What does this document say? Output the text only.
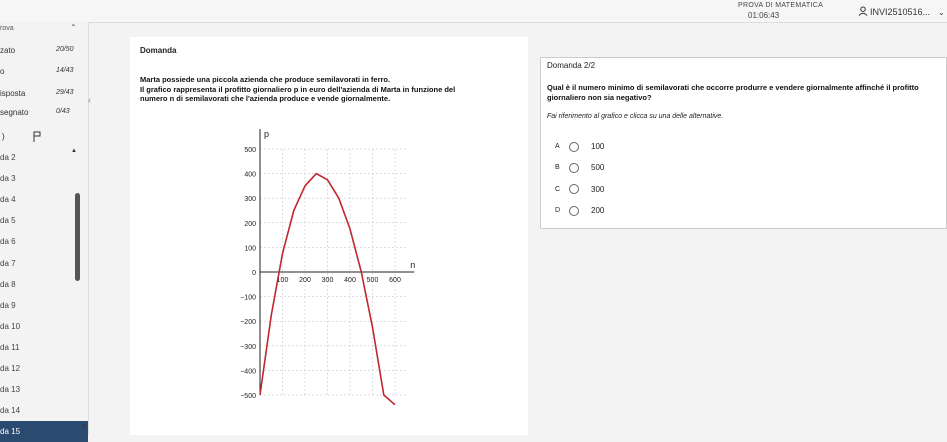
PROVA DI MATEMATICA
01:06:43	INVI2510516... ⌄
rova	⌃
zato	20/50
o	14/43
isposta	29/43
segnato	0/43
)
da 2
da 3
da 4
da 5
da 6
da 7
da 8
da 9
da 10
da 11
da 12
da 13
da 14
da 15
▲
▼
‹
Domanda
Marta possiede una piccola azienda che produce semilavorati in ferro.
Il grafico rappresenta il profitto giornaliero p in euro dell'azienda di Marta in funzione del
numero n di semilavorati che l'azienda produce e vende giornalmente.
500
400
300
200
100
−100
−200
−300
−400
−500
0
100 200 300 400 500 600
p
n
Domanda 2/2
Qual è il numero minimo di semilavorati che occorre produrre e vendere giornalmente affinché il profitto giornaliero non sia negativo?
Fai riferimento al grafico e clicca su una delle alternative.
A	100
B	500
C	300
D	200
